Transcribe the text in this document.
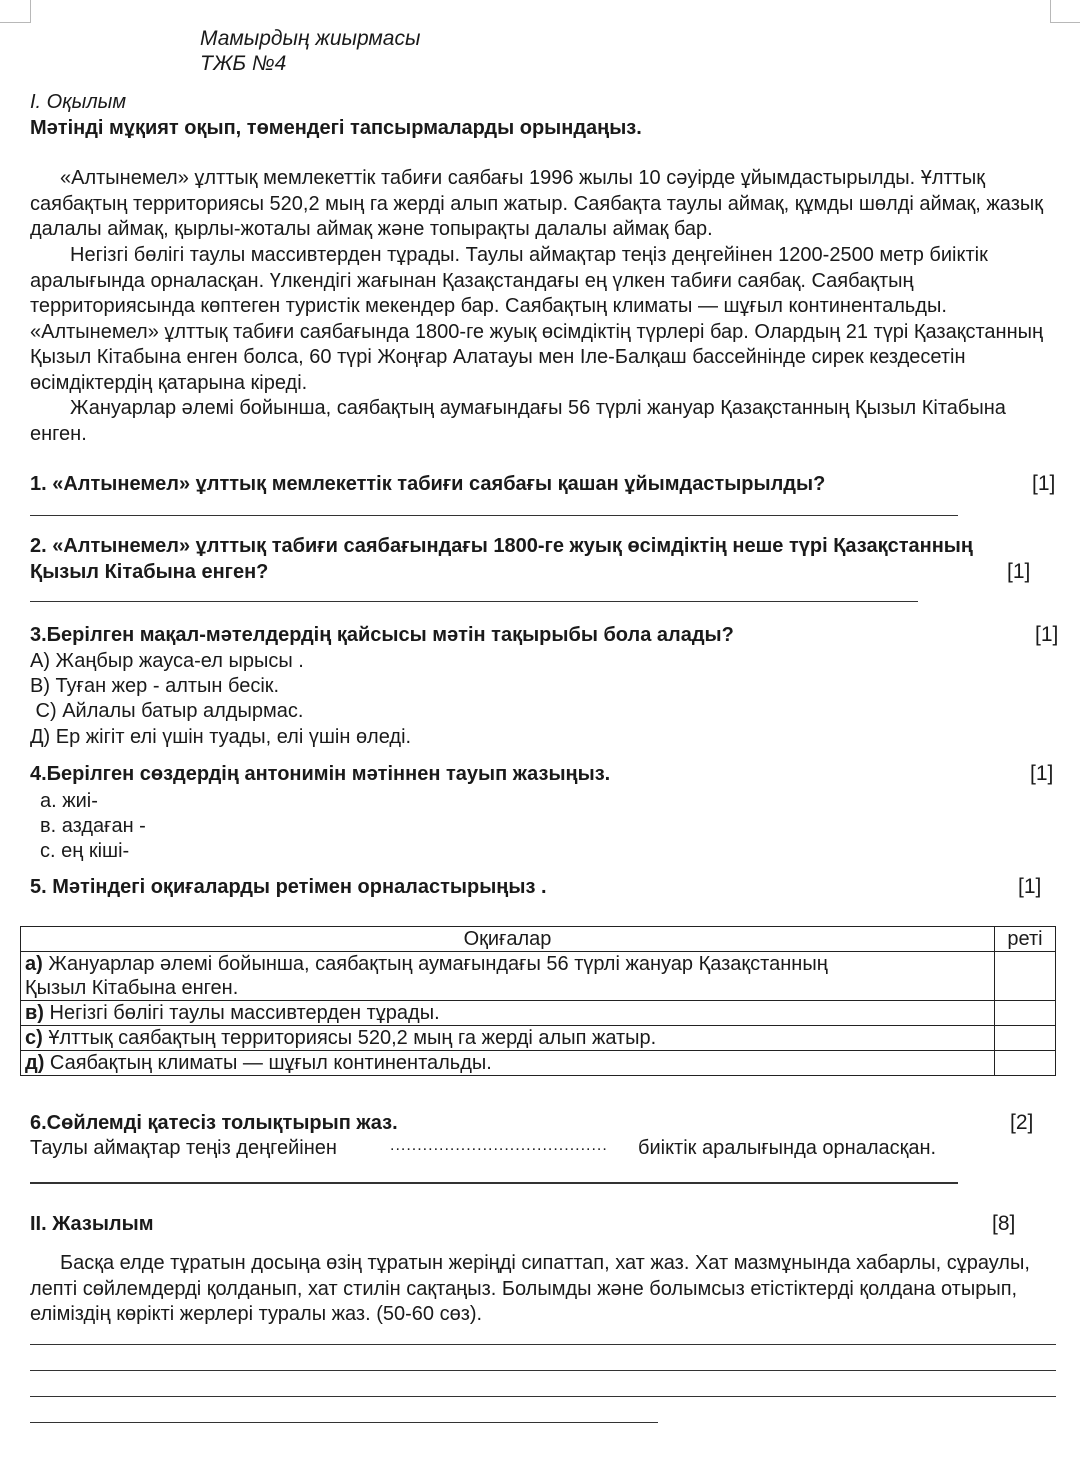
Мамырдың жиырмасы
ТЖБ №4
I. Оқылым
Мәтінді мұқият оқып, төмендегі тапсырмаларды орындаңыз.

«Алтынемел» ұлттық мемлекеттік табиғи саябағы 1996 жылы 10 сәуірде ұйымдастырылды. Ұлттық саябақтың территориясы 520,2 мың га жерді алып жатыр. Саябақта таулы аймақ, құмды шөлді аймақ, жазық далалы аймақ, қырлы-жоталы аймақ және топырақты далалы аймақ бар.

Негізгі бөлігі таулы массивтерден тұрады. Таулы аймақтар теңіз деңгейінен 1200-2500 метр биіктік аралығында орналасқан. Үлкендігі жағынан Қазақстандағы ең үлкен табиғи саябақ. Саябақтың территориясында көптеген туристік мекендер бар. Саябақтың климаты — шұғыл континентальды. «Алтынемел» ұлттық табиғи саябағында 1800-ге жуық өсімдіктің түрлері бар. Олардың 21 түрі Қазақстанның Қызыл Кітабына енген болса, 60 түрі Жоңғар Алатауы мен Іле-Балқаш бассейнінде сирек кездесетін өсімдіктердің қатарына кіреді.

Жануарлар әлемі бойынша, саябақтың аумағындағы 56 түрлі жануар Қазақстанның Қызыл Кітабына енген.

1. «Алтынемел» ұлттық мемлекеттік табиғи саябағы қашан ұйымдастырылды?	[1]
2. «Алтынемел» ұлттық табиғи саябағындағы 1800-ге жуық өсімдіктің неше түрі Қазақстанның
Қызыл Кітабына енген?	[1]
3.Берілген мақал-мәтелдердің қайсысы мәтін тақырыбы бола алады?	[1]
А) Жаңбыр жауса-ел ырысы .
В) Туған жер - алтын бесік.
С) Айлалы батыр алдырмас.
Д) Ер жігіт елі үшін туады, елі үшін өледі.
4.Берілген сөздердің антонимін мәтіннен тауып жазыңыз.	[1]
а. жиі-
в. аздаған -
с. ең кіші-
5. Мәтіндегі оқиғаларды ретімен орналастырыңыз .	[1]
Оқиғалар	реті
а) Жануарлар әлемі бойынша, саябақтың аумағындағы 56 түрлі жануар Қазақстанның
Қызыл Кітабына енген.	
в) Негізгі бөлігі таулы массивтерден тұрады.	
с) Ұлттық саябақтың территориясы 520,2 мың га жерді алып жатыр.	
д) Саябақтың климаты — шұғыл континентальды.	
6.Сөйлемді қатесіз толықтырып жаз.	[2]
Таулы аймақтар теңіз деңгейінен	........................................ биіктік аралығында орналасқан.
II. Жазылым	[8]

Басқа елде тұратын досыңа өзің тұратын жеріңді сипаттап, хат жаз. Хат мазмұнында хабарлы, сұраулы, лепті сөйлемдерді қолданып, хат стилін сақтаңыз. Болымды және болымсыз етістіктерді қолдана отырып, еліміздің көрікті жерлері туралы жаз. (50-60 сөз).
